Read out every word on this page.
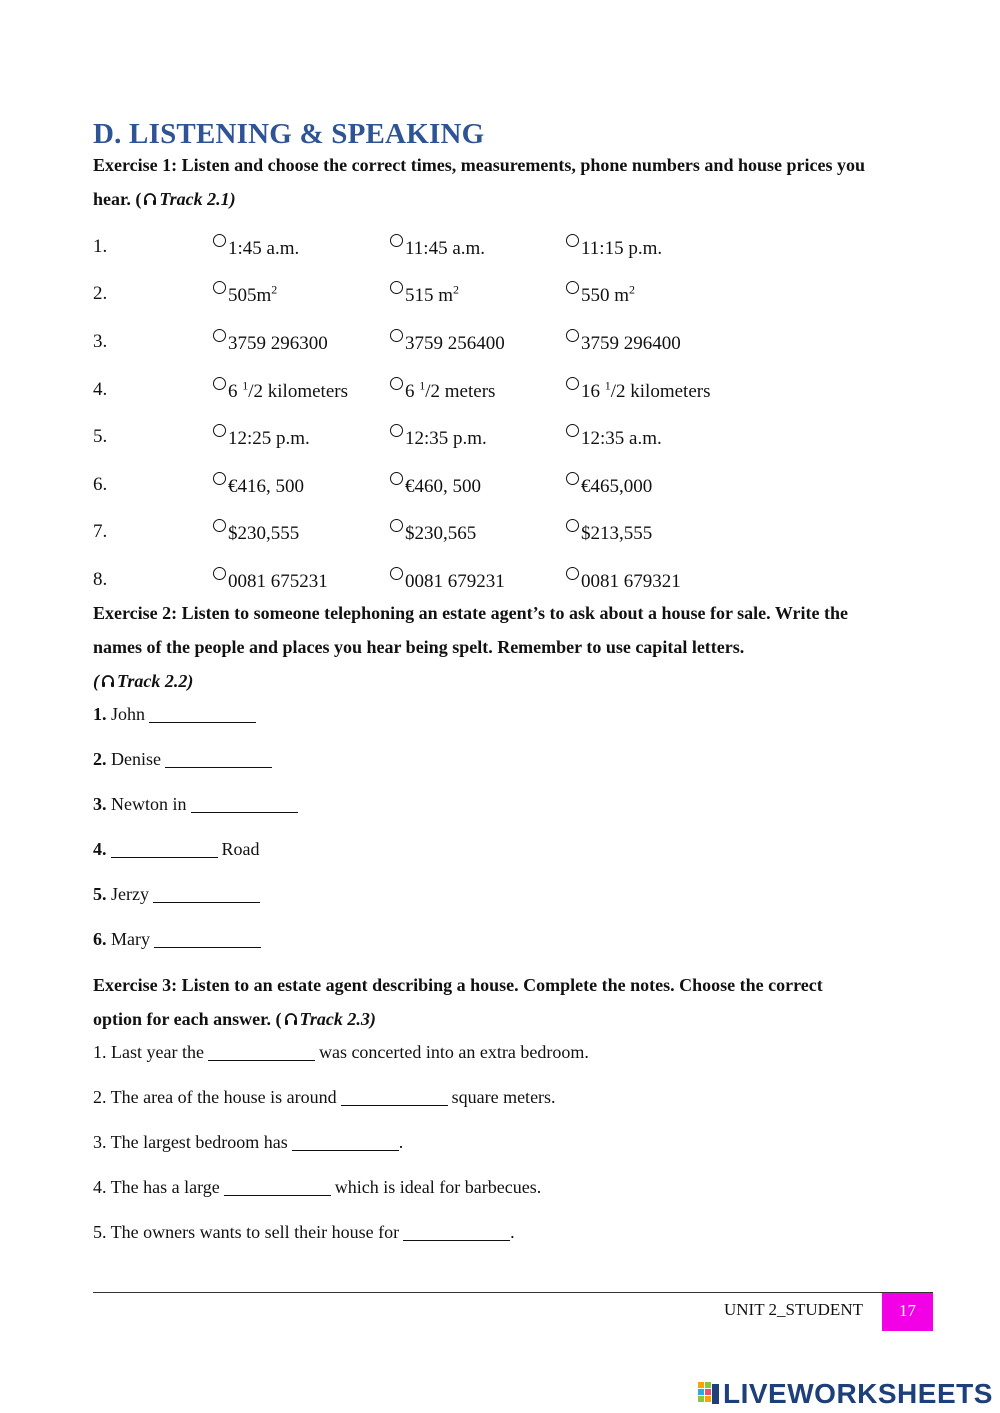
D. LISTENING & SPEAKING
Exercise 1: Listen and choose the correct times, measurements, phone numbers and house prices you
hear. ( Track 2.1)
1.	1:45 a.m.	11:45 a.m.	11:15 p.m.
2.	$505m^2$	515 $m^2$	550 $m^2$
3.	3759 296300	3759 256400	3759 296400
4.	6 $^1$/2 kilometers	6 $^1$/2 meters	16 $^1$/2 kilometers
5.	12:25 p.m.	12:35 p.m.	12:35 a.m.
6.	€416, 500	€460, 500	€465,000
7.	$230,555	$230,565	$213,555
8.	0081 675231	0081 679231	0081 679321
Exercise 2: Listen to someone telephoning an estate agent’s to ask about a house for sale. Write the
names of the people and places you hear being spelt. Remember to use capital letters.
( Track 2.2)
1. John
2. Denise
3. Newton in
4.	Road
5. Jerzy
6. Mary
Exercise 3: Listen to an estate agent describing a house. Complete the notes. Choose the correct
option for each answer. ( Track 2.3)
1. Last year the	was concerted into an extra bedroom.
2. The area of the house is around	square meters.
3. The largest bedroom has	.
4. The has a large	which is ideal for barbecues.
5. The owners wants to sell their house for	.
UNIT 2_STUDENT	17
LIVEWORKSHEETS
